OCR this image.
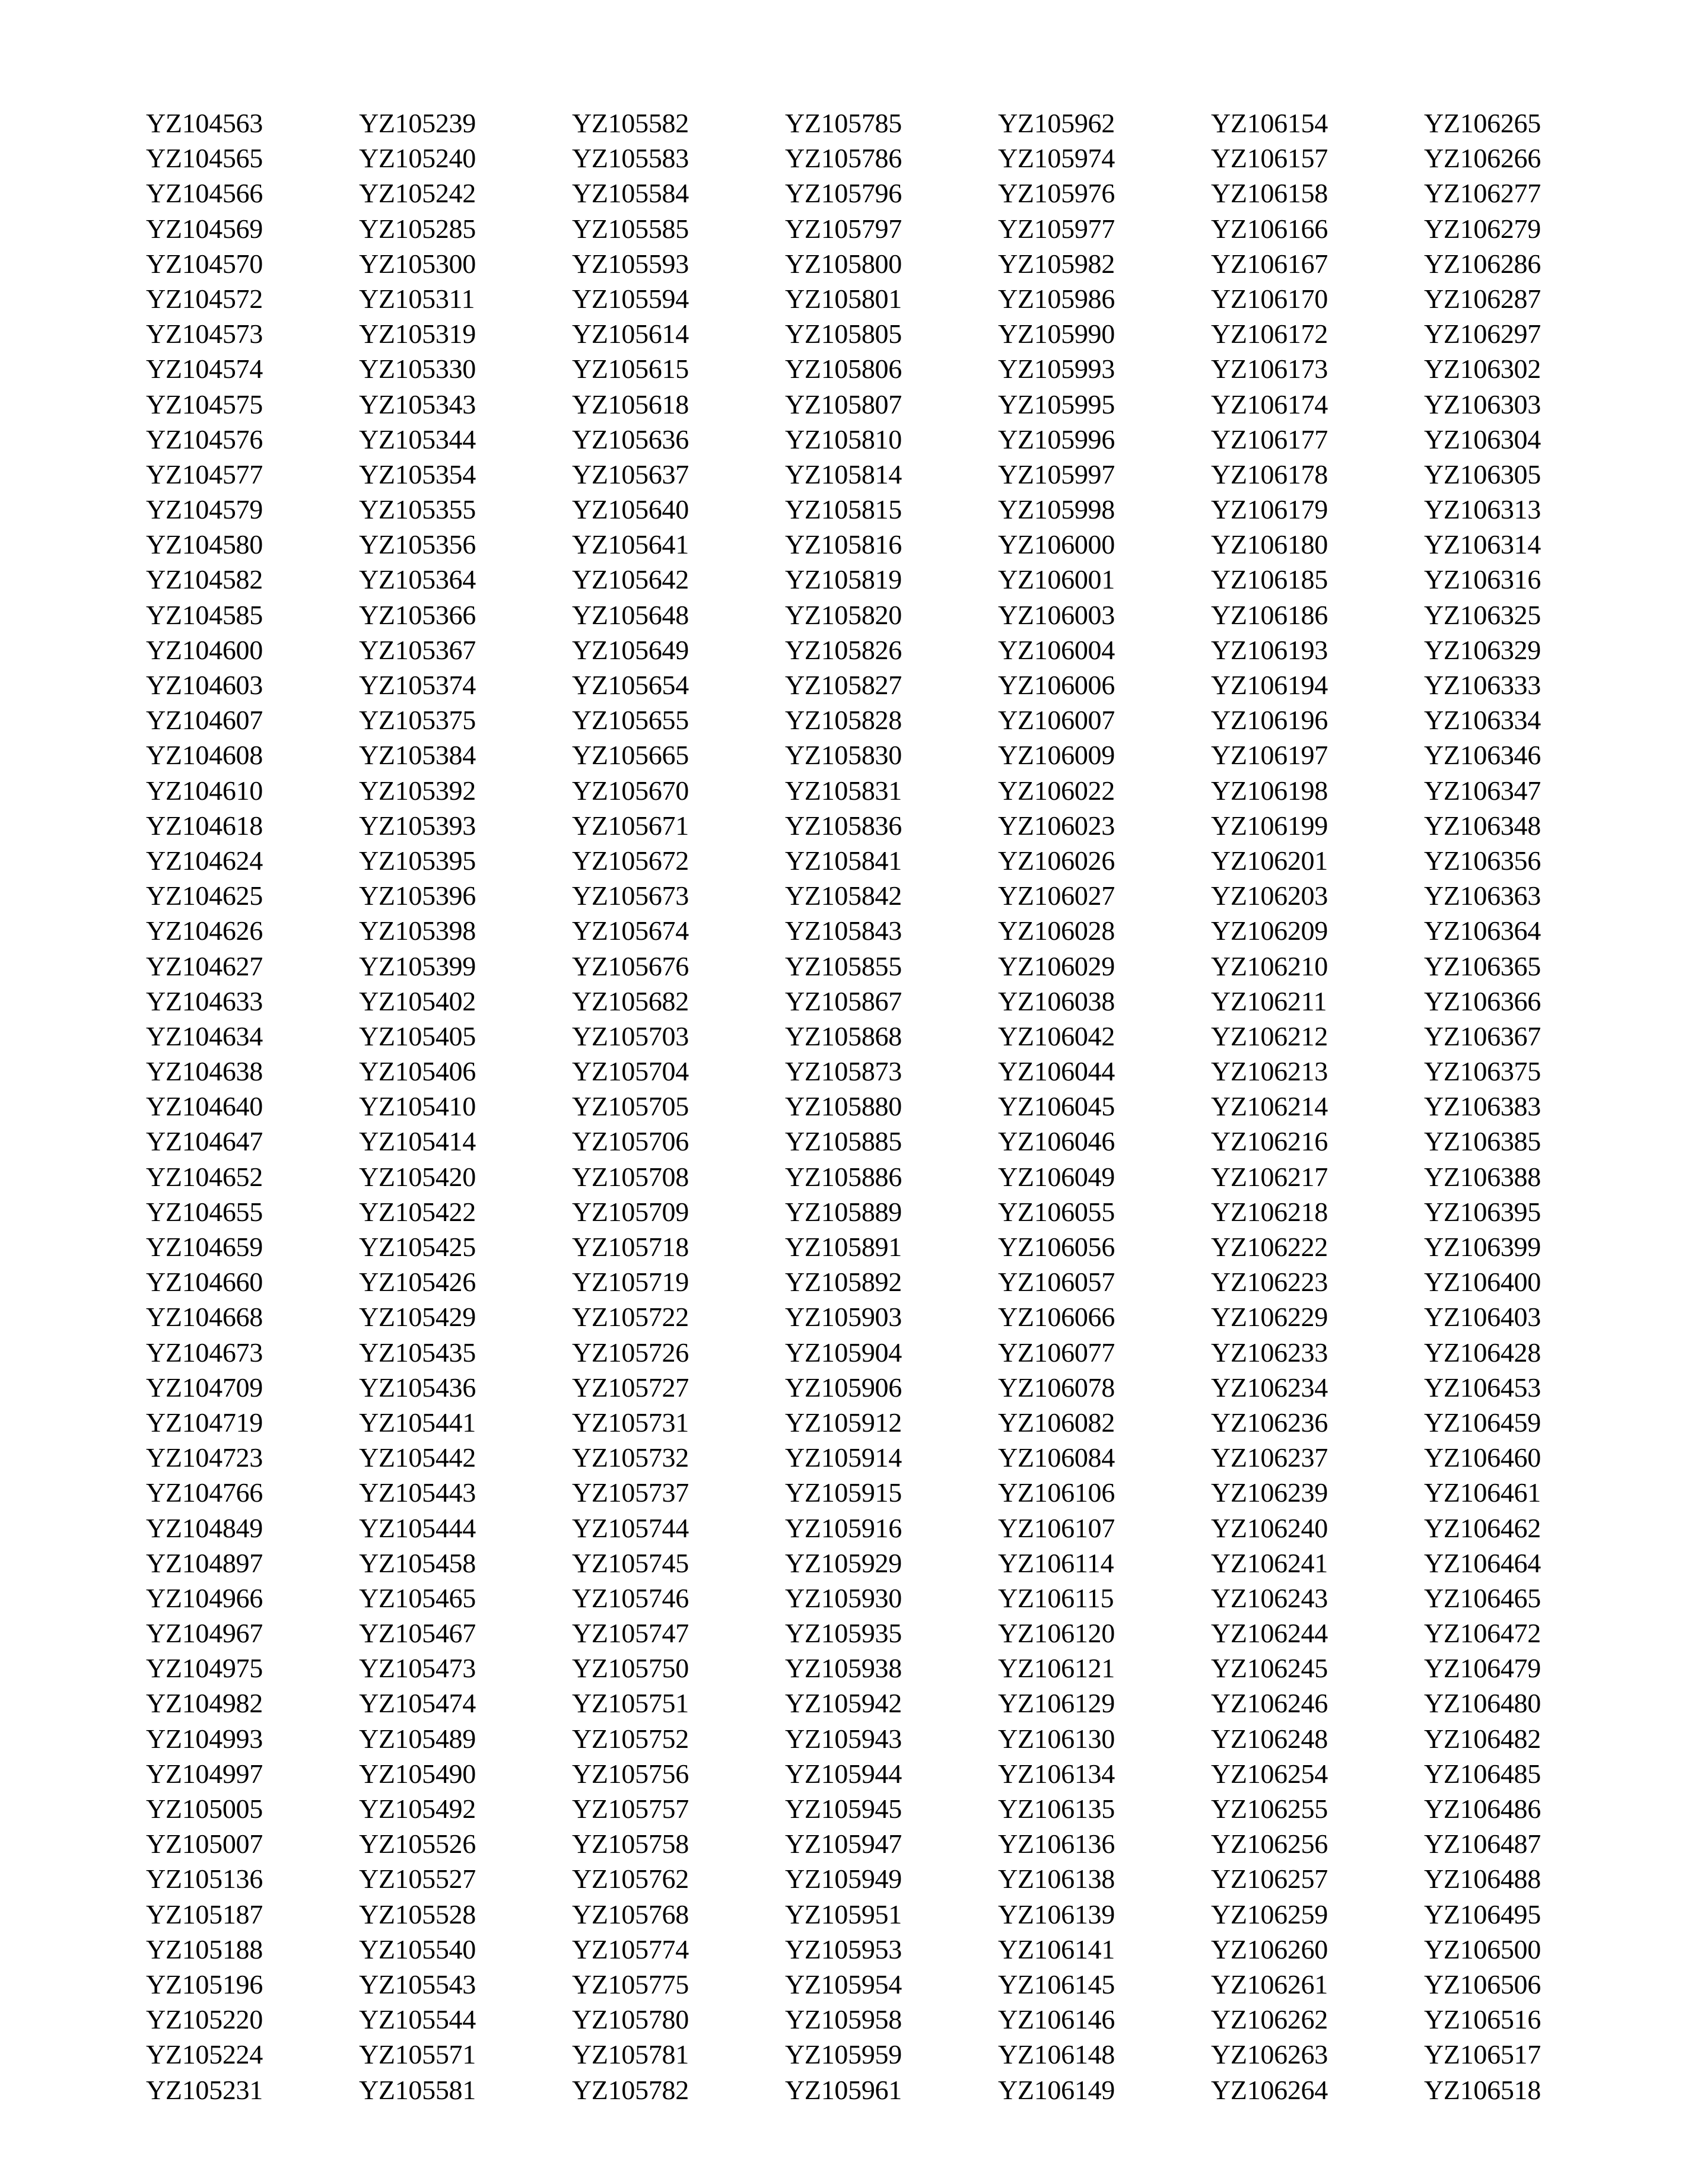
YZ104563
YZ104565
YZ104566
YZ104569
YZ104570
YZ104572
YZ104573
YZ104574
YZ104575
YZ104576
YZ104577
YZ104579
YZ104580
YZ104582
YZ104585
YZ104600
YZ104603
YZ104607
YZ104608
YZ104610
YZ104618
YZ104624
YZ104625
YZ104626
YZ104627
YZ104633
YZ104634
YZ104638
YZ104640
YZ104647
YZ104652
YZ104655
YZ104659
YZ104660
YZ104668
YZ104673
YZ104709
YZ104719
YZ104723
YZ104766
YZ104849
YZ104897
YZ104966
YZ104967
YZ104975
YZ104982
YZ104993
YZ104997
YZ105005
YZ105007
YZ105136
YZ105187
YZ105188
YZ105196
YZ105220
YZ105224
YZ105231
YZ105239
YZ105240
YZ105242
YZ105285
YZ105300
YZ105311
YZ105319
YZ105330
YZ105343
YZ105344
YZ105354
YZ105355
YZ105356
YZ105364
YZ105366
YZ105367
YZ105374
YZ105375
YZ105384
YZ105392
YZ105393
YZ105395
YZ105396
YZ105398
YZ105399
YZ105402
YZ105405
YZ105406
YZ105410
YZ105414
YZ105420
YZ105422
YZ105425
YZ105426
YZ105429
YZ105435
YZ105436
YZ105441
YZ105442
YZ105443
YZ105444
YZ105458
YZ105465
YZ105467
YZ105473
YZ105474
YZ105489
YZ105490
YZ105492
YZ105526
YZ105527
YZ105528
YZ105540
YZ105543
YZ105544
YZ105571
YZ105581
YZ105582
YZ105583
YZ105584
YZ105585
YZ105593
YZ105594
YZ105614
YZ105615
YZ105618
YZ105636
YZ105637
YZ105640
YZ105641
YZ105642
YZ105648
YZ105649
YZ105654
YZ105655
YZ105665
YZ105670
YZ105671
YZ105672
YZ105673
YZ105674
YZ105676
YZ105682
YZ105703
YZ105704
YZ105705
YZ105706
YZ105708
YZ105709
YZ105718
YZ105719
YZ105722
YZ105726
YZ105727
YZ105731
YZ105732
YZ105737
YZ105744
YZ105745
YZ105746
YZ105747
YZ105750
YZ105751
YZ105752
YZ105756
YZ105757
YZ105758
YZ105762
YZ105768
YZ105774
YZ105775
YZ105780
YZ105781
YZ105782
YZ105785
YZ105786
YZ105796
YZ105797
YZ105800
YZ105801
YZ105805
YZ105806
YZ105807
YZ105810
YZ105814
YZ105815
YZ105816
YZ105819
YZ105820
YZ105826
YZ105827
YZ105828
YZ105830
YZ105831
YZ105836
YZ105841
YZ105842
YZ105843
YZ105855
YZ105867
YZ105868
YZ105873
YZ105880
YZ105885
YZ105886
YZ105889
YZ105891
YZ105892
YZ105903
YZ105904
YZ105906
YZ105912
YZ105914
YZ105915
YZ105916
YZ105929
YZ105930
YZ105935
YZ105938
YZ105942
YZ105943
YZ105944
YZ105945
YZ105947
YZ105949
YZ105951
YZ105953
YZ105954
YZ105958
YZ105959
YZ105961
YZ105962
YZ105974
YZ105976
YZ105977
YZ105982
YZ105986
YZ105990
YZ105993
YZ105995
YZ105996
YZ105997
YZ105998
YZ106000
YZ106001
YZ106003
YZ106004
YZ106006
YZ106007
YZ106009
YZ106022
YZ106023
YZ106026
YZ106027
YZ106028
YZ106029
YZ106038
YZ106042
YZ106044
YZ106045
YZ106046
YZ106049
YZ106055
YZ106056
YZ106057
YZ106066
YZ106077
YZ106078
YZ106082
YZ106084
YZ106106
YZ106107
YZ106114
YZ106115
YZ106120
YZ106121
YZ106129
YZ106130
YZ106134
YZ106135
YZ106136
YZ106138
YZ106139
YZ106141
YZ106145
YZ106146
YZ106148
YZ106149
YZ106154
YZ106157
YZ106158
YZ106166
YZ106167
YZ106170
YZ106172
YZ106173
YZ106174
YZ106177
YZ106178
YZ106179
YZ106180
YZ106185
YZ106186
YZ106193
YZ106194
YZ106196
YZ106197
YZ106198
YZ106199
YZ106201
YZ106203
YZ106209
YZ106210
YZ106211
YZ106212
YZ106213
YZ106214
YZ106216
YZ106217
YZ106218
YZ106222
YZ106223
YZ106229
YZ106233
YZ106234
YZ106236
YZ106237
YZ106239
YZ106240
YZ106241
YZ106243
YZ106244
YZ106245
YZ106246
YZ106248
YZ106254
YZ106255
YZ106256
YZ106257
YZ106259
YZ106260
YZ106261
YZ106262
YZ106263
YZ106264
YZ106265
YZ106266
YZ106277
YZ106279
YZ106286
YZ106287
YZ106297
YZ106302
YZ106303
YZ106304
YZ106305
YZ106313
YZ106314
YZ106316
YZ106325
YZ106329
YZ106333
YZ106334
YZ106346
YZ106347
YZ106348
YZ106356
YZ106363
YZ106364
YZ106365
YZ106366
YZ106367
YZ106375
YZ106383
YZ106385
YZ106388
YZ106395
YZ106399
YZ106400
YZ106403
YZ106428
YZ106453
YZ106459
YZ106460
YZ106461
YZ106462
YZ106464
YZ106465
YZ106472
YZ106479
YZ106480
YZ106482
YZ106485
YZ106486
YZ106487
YZ106488
YZ106495
YZ106500
YZ106506
YZ106516
YZ106517
YZ106518
